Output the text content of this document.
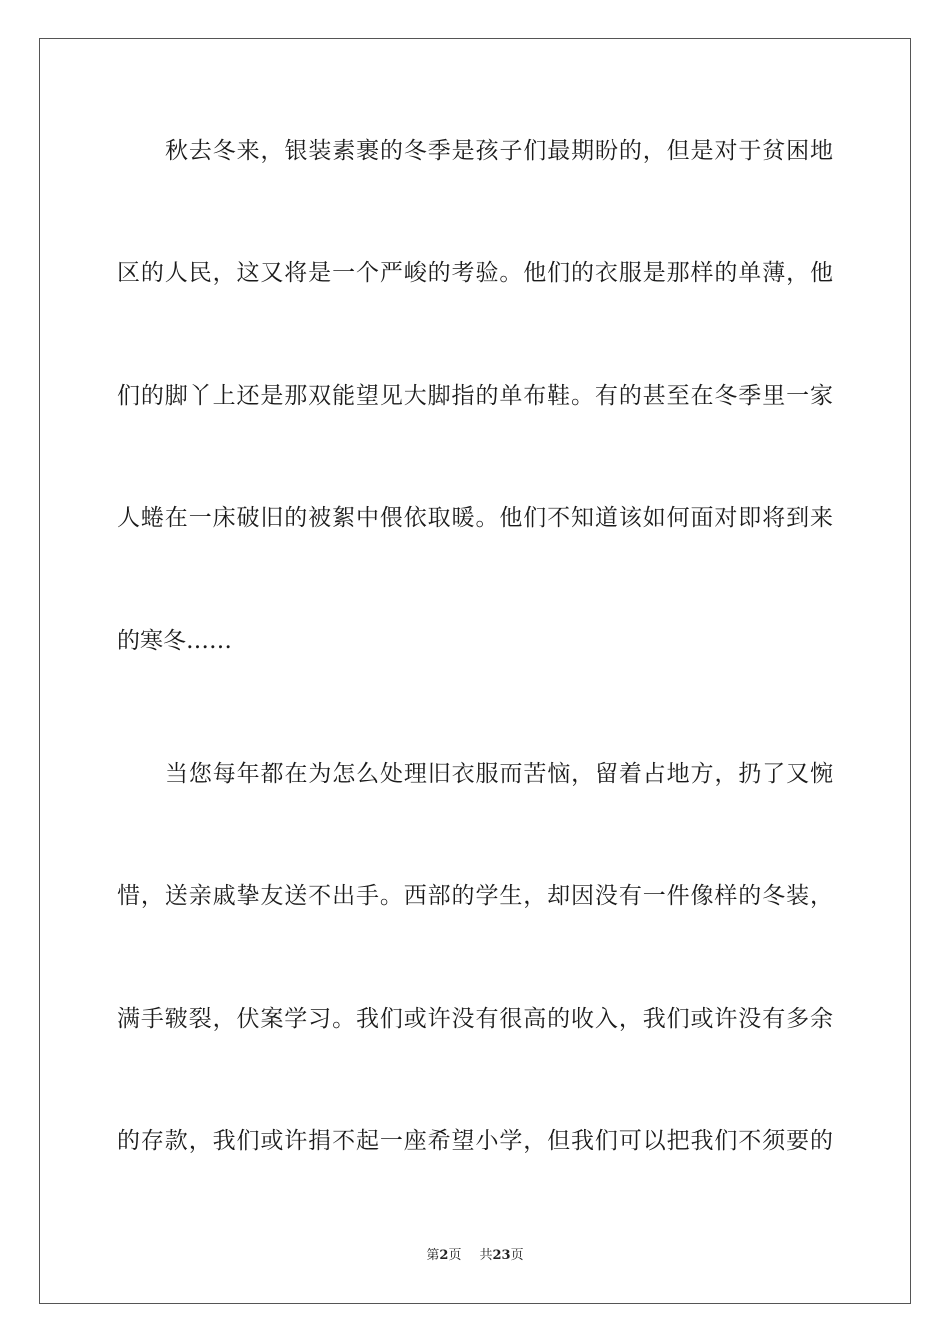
秋去冬来，银装素裹的冬季是孩子们最期盼的，但是对于贫困地
区的人民，这又将是一个严峻的考验。他们的衣服是那样的单薄，他
们的脚丫上还是那双能望见大脚指的单布鞋。有的甚至在冬季里一家
人蜷在一床破旧的被絮中偎依取暖。他们不知道该如何面对即将到来
的寒冬……
当您每年都在为怎么处理旧衣服而苦恼，留着占地方，扔了又惋
惜，送亲戚挚友送不出手。西部的学生，却因没有一件像样的冬装，
满手皲裂，伏案学习。我们或许没有很高的收入，我们或许没有多余
的存款，我们或许捐不起一座希望小学，但我们可以把我们不须要的
第2页 共23页
